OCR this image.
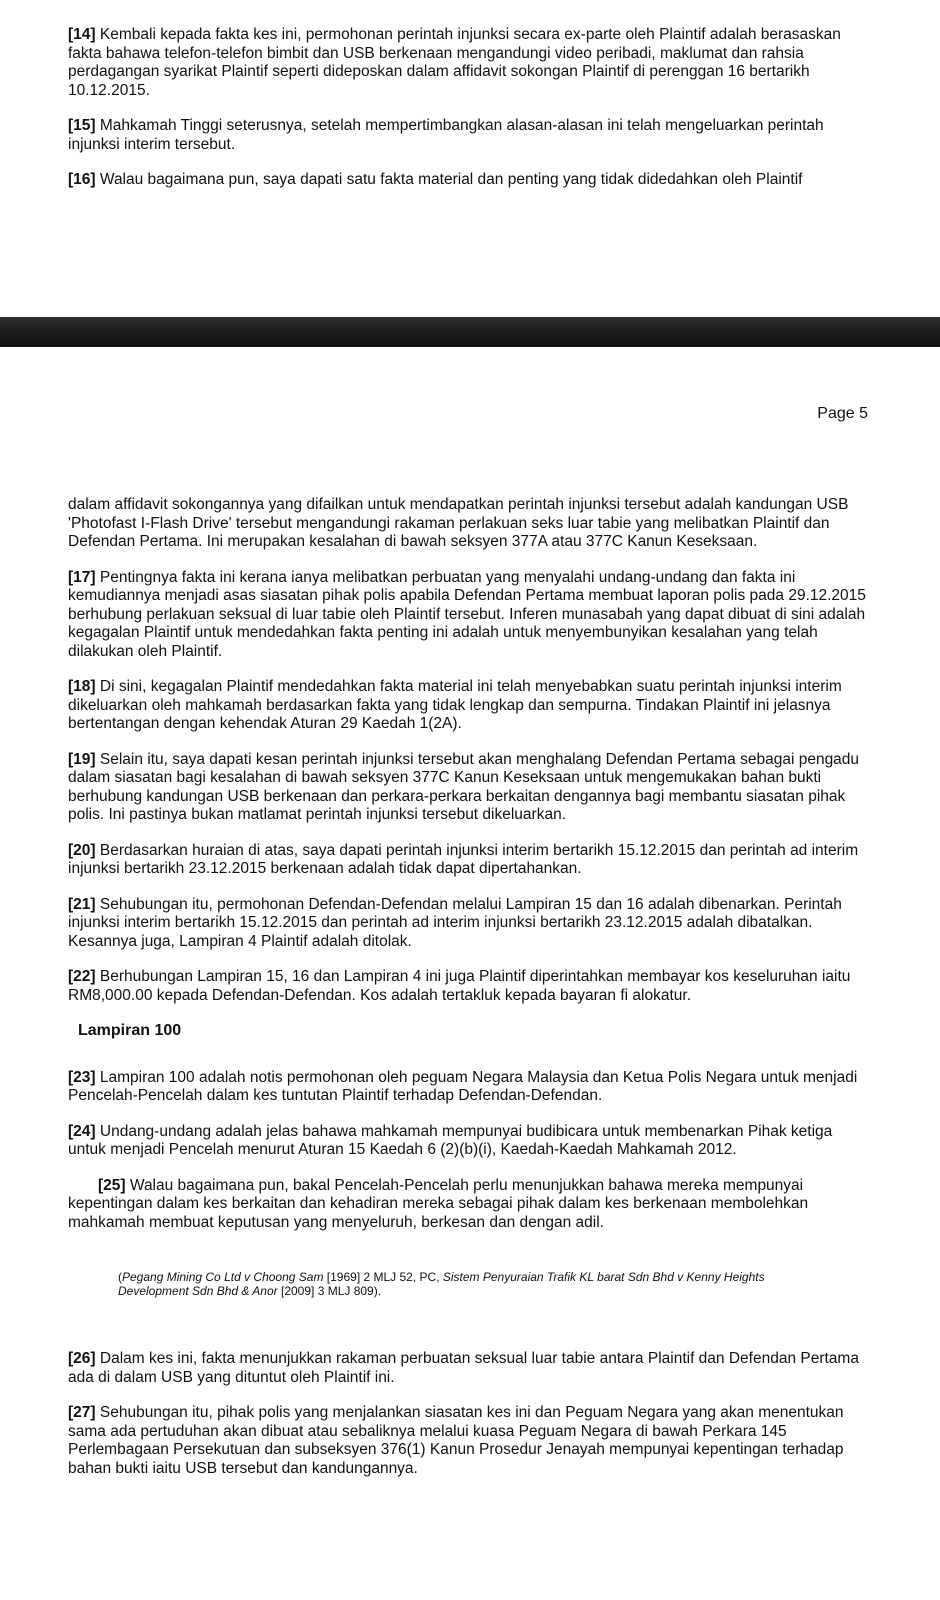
[14] Kembali kepada fakta kes ini, permohonan perintah injunksi secara ex-parte oleh Plaintif adalah berasaskan fakta bahawa telefon-telefon bimbit dan USB berkenaan mengandungi video peribadi, maklumat dan rahsia perdagangan syarikat Plaintif seperti dideposkan dalam affidavit sokongan Plaintif di perenggan 16 bertarikh 10.12.2015.

[15] Mahkamah Tinggi seterusnya, setelah mempertimbangkan alasan-alasan ini telah mengeluarkan perintah injunksi interim tersebut.

[16] Walau bagaimana pun, saya dapati satu fakta material dan penting yang tidak didedahkan oleh Plaintif

Page 5

dalam affidavit sokongannya yang difailkan untuk mendapatkan perintah injunksi tersebut adalah kandungan USB 'Photofast I-Flash Drive' tersebut mengandungi rakaman perlakuan seks luar tabie yang melibatkan Plaintif dan Defendan Pertama. Ini merupakan kesalahan di bawah seksyen 377A atau 377C Kanun Keseksaan.

[17] Pentingnya fakta ini kerana ianya melibatkan perbuatan yang menyalahi undang-undang dan fakta ini kemudiannya menjadi asas siasatan pihak polis apabila Defendan Pertama membuat laporan polis pada 29.12.2015 berhubung perlakuan seksual di luar tabie oleh Plaintif tersebut. Inferen munasabah yang dapat dibuat di sini adalah kegagalan Plaintif untuk mendedahkan fakta penting ini adalah untuk menyembunyikan kesalahan yang telah dilakukan oleh Plaintif.

[18] Di sini, kegagalan Plaintif mendedahkan fakta material ini telah menyebabkan suatu perintah injunksi interim dikeluarkan oleh mahkamah berdasarkan fakta yang tidak lengkap dan sempurna. Tindakan Plaintif ini jelasnya bertentangan dengan kehendak Aturan 29 Kaedah 1(2A).

[19] Selain itu, saya dapati kesan perintah injunksi tersebut akan menghalang Defendan Pertama sebagai pengadu dalam siasatan bagi kesalahan di bawah seksyen 377C Kanun Keseksaan untuk mengemukakan bahan bukti berhubung kandungan USB berkenaan dan perkara-perkara berkaitan dengannya bagi membantu siasatan pihak polis. Ini pastinya bukan matlamat perintah injunksi tersebut dikeluarkan.

[20] Berdasarkan huraian di atas, saya dapati perintah injunksi interim bertarikh 15.12.2015 dan perintah ad interim injunksi bertarikh 23.12.2015 berkenaan adalah tidak dapat dipertahankan.

[21] Sehubungan itu, permohonan Defendan-Defendan melalui Lampiran 15 dan 16 adalah dibenarkan. Perintah injunksi interim bertarikh 15.12.2015 dan perintah ad interim injunksi bertarikh 23.12.2015 adalah dibatalkan. Kesannya juga, Lampiran 4 Plaintif adalah ditolak.

[22] Berhubungan Lampiran 15, 16 dan Lampiran 4 ini juga Plaintif diperintahkan membayar kos keseluruhan iaitu RM8,000.00 kepada Defendan-Defendan. Kos adalah tertakluk kepada bayaran fi alokatur.

Lampiran 100

[23] Lampiran 100 adalah notis permohonan oleh peguam Negara Malaysia dan Ketua Polis Negara untuk menjadi Pencelah-Pencelah dalam kes tuntutan Plaintif terhadap Defendan-Defendan.

[24] Undang-undang adalah jelas bahawa mahkamah mempunyai budibicara untuk membenarkan Pihak ketiga untuk menjadi Pencelah menurut Aturan 15 Kaedah 6 (2)(b)(i), Kaedah-Kaedah Mahkamah 2012.

[25] Walau bagaimana pun, bakal Pencelah-Pencelah perlu menunjukkan bahawa mereka mempunyai kepentingan dalam kes berkaitan dan kehadiran mereka sebagai pihak dalam kes berkenaan membolehkan mahkamah membuat keputusan yang menyeluruh, berkesan dan dengan adil.

(Pegang Mining Co Ltd v Choong Sam [1969] 2 MLJ 52, PC, Sistem Penyuraian Trafik KL barat Sdn Bhd v Kenny Heights Development Sdn Bhd & Anor [2009] 3 MLJ 809).

[26] Dalam kes ini, fakta menunjukkan rakaman perbuatan seksual luar tabie antara Plaintif dan Defendan Pertama ada di dalam USB yang dituntut oleh Plaintif ini.

[27] Sehubungan itu, pihak polis yang menjalankan siasatan kes ini dan Peguam Negara yang akan menentukan sama ada pertuduhan akan dibuat atau sebaliknya melalui kuasa Peguam Negara di bawah Perkara 145 Perlembagaan Persekutuan dan subseksyen 376(1) Kanun Prosedur Jenayah mempunyai kepentingan terhadap bahan bukti iaitu USB tersebut dan kandungannya.
